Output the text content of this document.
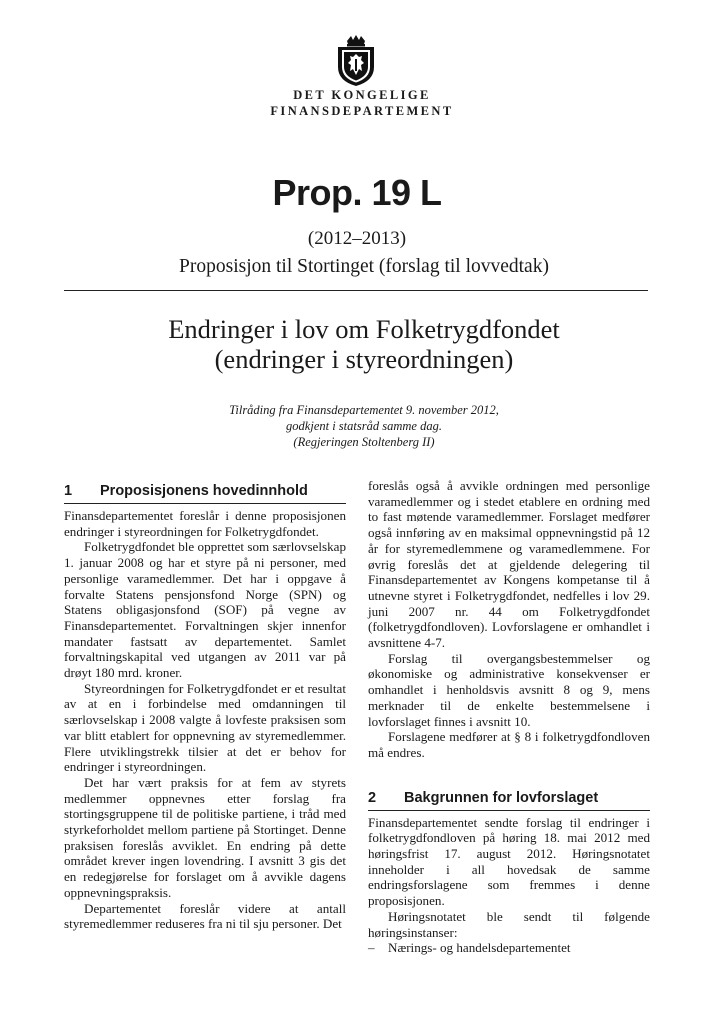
DET KONGELIGE
FINANSDEPARTEMENT
Prop. 19 L
(2012–2013)
Proposisjon til Stortinget (forslag til lovvedtak)
Endringer i lov om Folketrygdfondet
(endringer i styreordningen)
Tilråding fra Finansdepartementet 9. november 2012,
godkjent i statsråd samme dag.
(Regjeringen Stoltenberg II)
1 Proposisjonens hovedinnhold

Finansdepartementet foreslår i denne proposisjonen endringer i styreordningen for Folketrygdfondet.

Folketrygdfondet ble opprettet som særlovselskap 1. januar 2008 og har et styre på ni personer, med personlige varamedlemmer. Det har i oppgave å forvalte Statens pensjonsfond Norge (SPN) og Statens obligasjonsfond (SOF) på vegne av Finansdepartementet. Forvaltningen skjer innenfor mandater fastsatt av departementet. Samlet forvaltningskapital ved utgangen av 2011 var på drøyt 180 mrd. kroner.

Styreordningen for Folketrygdfondet er et resultat av at en i forbindelse med omdanningen til særlovselskap i 2008 valgte å lovfeste praksisen som var blitt etablert for oppnevning av styremedlemmer. Flere utviklingstrekk tilsier at det er behov for endringer i styreordningen.

Det har vært praksis for at fem av styrets medlemmer oppnevnes etter forslag fra stortingsgruppene til de politiske partiene, i tråd med styrkeforholdet mellom partiene på Stortinget. Denne praksisen foreslås avviklet. En endring på dette området krever ingen lovendring. I avsnitt 3 gis det en redegjørelse for forslaget om å avvikle dagens oppnevningspraksis.

Departementet foreslår videre at antall styremedlemmer reduseres fra ni til sju personer. Det

foreslås også å avvikle ordningen med personlige varamedlemmer og i stedet etablere en ordning med to fast møtende varamedlemmer. Forslaget medfører også innføring av en maksimal oppnevningstid på 12 år for styremedlemmene og varamedlemmene. For øvrig foreslås det at gjeldende delegering til Finansdepartementet av Kongens kompetanse til å utnevne styret i Folketrygdfondet, nedfelles i lov 29. juni 2007 nr. 44 om Folketrygdfondet (folketrygdfondloven). Lovforslagene er omhandlet i avsnittene 4-7.

Forslag til overgangsbestemmelser og økonomiske og administrative konsekvenser er omhandlet i henholdsvis avsnitt 8 og 9, mens merknader til de enkelte bestemmelsene i lovforslaget finnes i avsnitt 10.

Forslagene medfører at § 8 i folketrygdfondloven må endres.

2 Bakgrunnen for lovforslaget

Finansdepartementet sendte forslag til endringer i folketrygdfondloven på høring 18. mai 2012 med høringsfrist 17. august 2012. Høringsnotatet inneholder i all hovedsak de samme endringsforslagene som fremmes i denne proposisjonen.

Høringsnotatet ble sendt til følgende høringsinstanser:

–	Nærings- og handelsdepartementet
